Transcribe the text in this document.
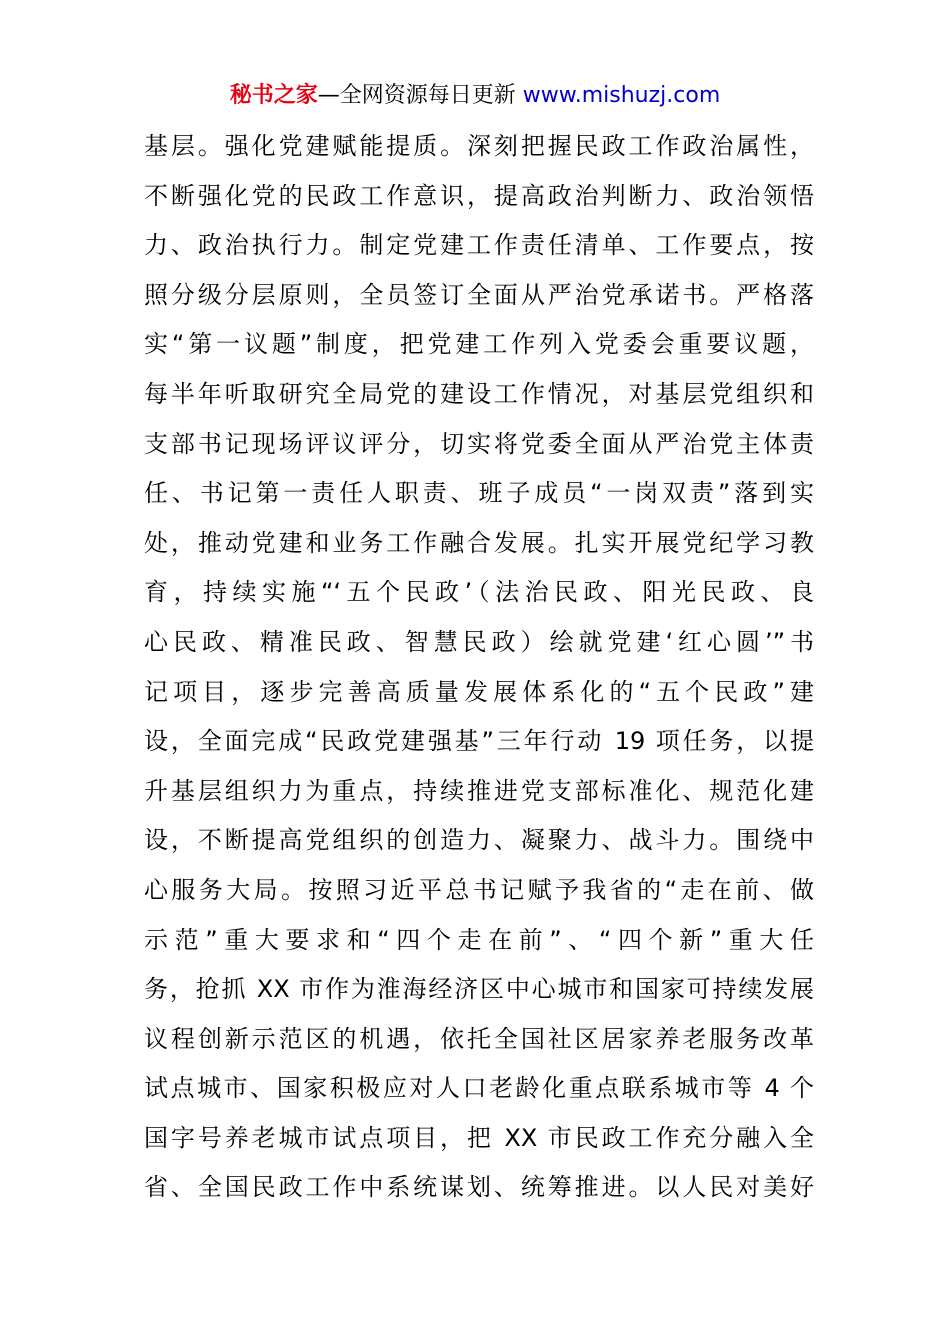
秘书之家—全网资源每日更新 www.mishuzj.com
基层。强化党建赋能提质。深刻把握民政工作政治属性，
不断强化党的民政工作意识，提高政治判断力、政治领悟
力、政治执行力。制定党建工作责任清单、工作要点，按
照分级分层原则，全员签订全面从严治党承诺书。严格落
实“第一议题”制度，把党建工作列入党委会重要议题，
每半年听取研究全局党的建设工作情况，对基层党组织和
支部书记现场评议评分，切实将党委全面从严治党主体责
任、书记第一责任人职责、班子成员“一岗双责”落到实
处，推动党建和业务工作融合发展。扎实开展党纪学习教
育，持续实施“‘五个民政’（法治民政、阳光民政、良
心民政、精准民政、智慧民政）绘就党建‘红心圆’”书
记项目，逐步完善高质量发展体系化的“五个民政”建
设，全面完成“民政党建强基”三年行动 19 项任务，以提
升基层组织力为重点，持续推进党支部标准化、规范化建
设，不断提高党组织的创造力、凝聚力、战斗力。围绕中
心服务大局。按照习近平总书记赋予我省的“走在前、做
示范”重大要求和“四个走在前”、“四个新”重大任
务，抢抓 XX 市作为淮海经济区中心城市和国家可持续发展
议程创新示范区的机遇，依托全国社区居家养老服务改革
试点城市、国家积极应对人口老龄化重点联系城市等 4 个
国字号养老城市试点项目，把 XX 市民政工作充分融入全
省、全国民政工作中系统谋划、统筹推进。以人民对美好
